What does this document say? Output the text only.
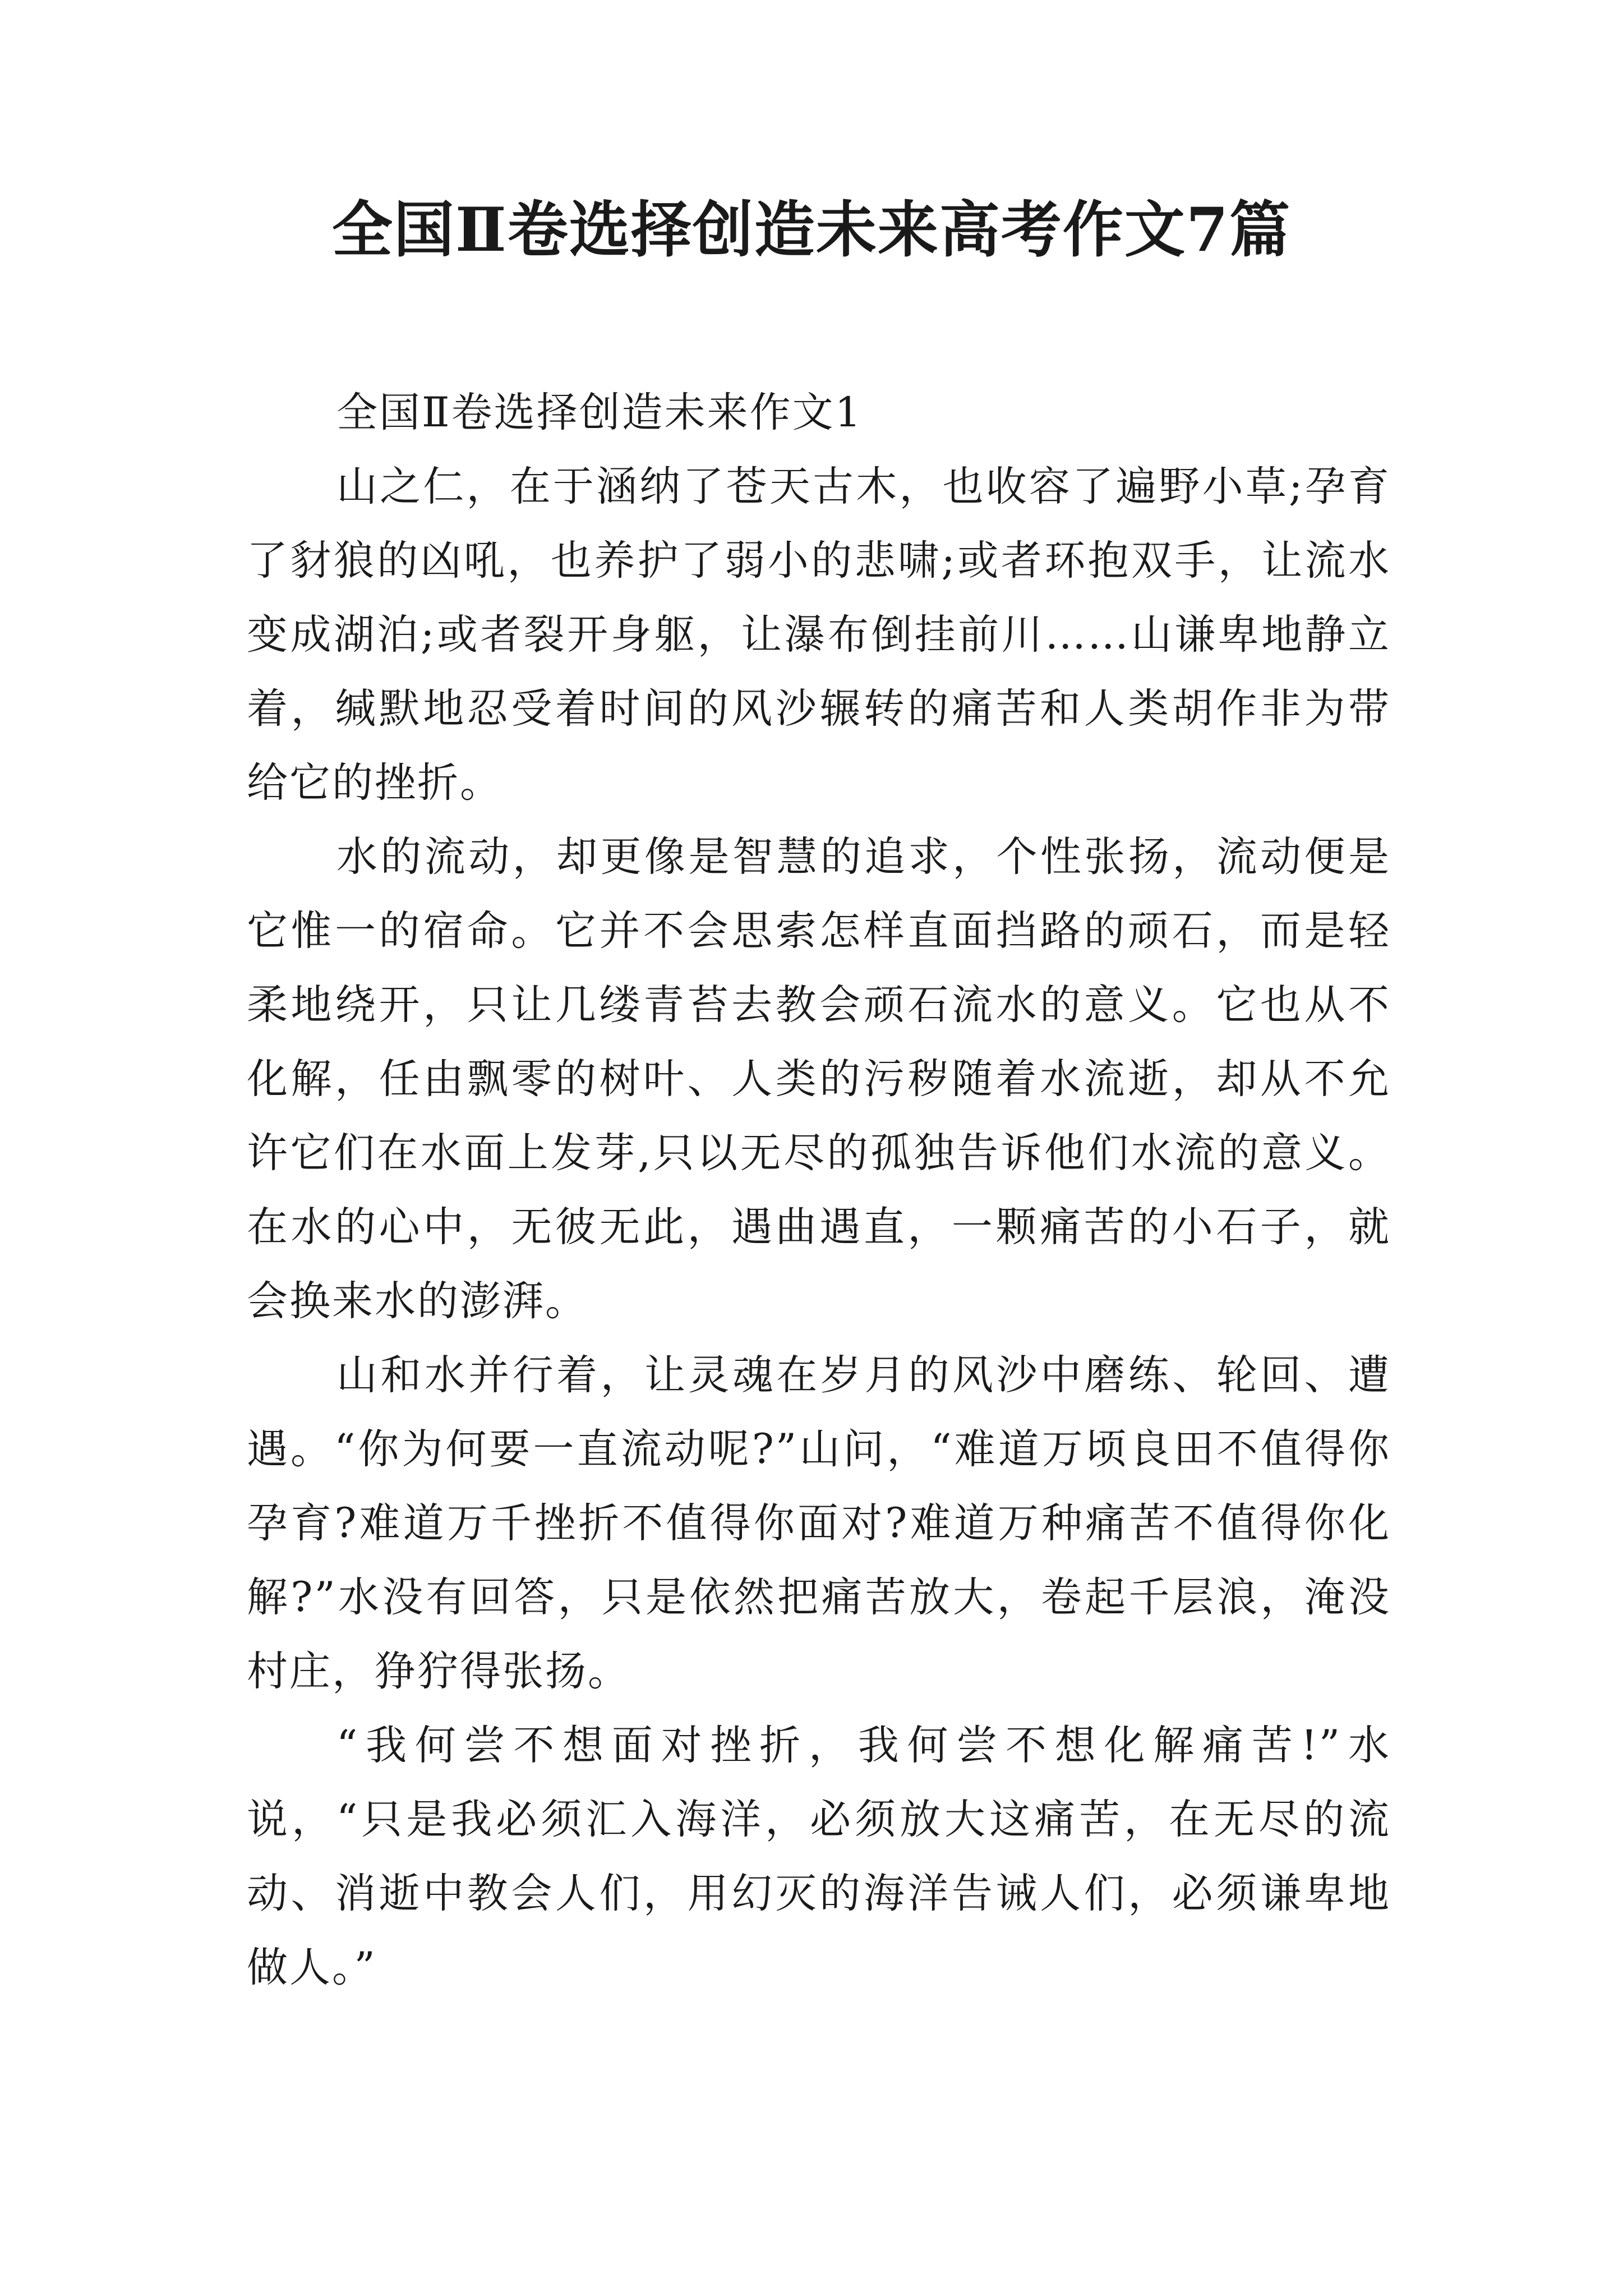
全国Ⅱ卷选择创造未来高考作文7篇
全国Ⅱ卷选择创造未来作文1

山之仁，在于涵纳了苍天古木，也收容了遍野小草;孕育了豺狼的凶吼，也养护了弱小的悲啸;或者环抱双手，让流水变成湖泊;或者裂开身躯，让瀑布倒挂前川……山谦卑地静立着，缄默地忍受着时间的风沙辗转的痛苦和人类胡作非为带给它的挫折。

水的流动，却更像是智慧的追求，个性张扬，流动便是它惟一的宿命。它并不会思索怎样直面挡路的顽石，而是轻柔地绕开，只让几缕青苔去教会顽石流水的意义。它也从不化解，任由飘零的树叶、人类的污秽随着水流逝，却从不允许它们在水面上发芽,只以无尽的孤独告诉他们水流的意义。在水的心中，无彼无此，遇曲遇直，一颗痛苦的小石子，就会换来水的澎湃。

山和水并行着，让灵魂在岁月的风沙中磨练、轮回、遭遇。“你为何要一直流动呢?”山问，“难道万顷良田不值得你孕育?难道万千挫折不值得你面对?难道万种痛苦不值得你化解?”水没有回答，只是依然把痛苦放大，卷起千层浪，淹没村庄，狰狞得张扬。

“我何尝不想面对挫折，我何尝不想化解痛苦!”水说，“只是我必须汇入海洋，必须放大这痛苦，在无尽的流动、消逝中教会人们，用幻灭的海洋告诫人们，必须谦卑地做人。”
